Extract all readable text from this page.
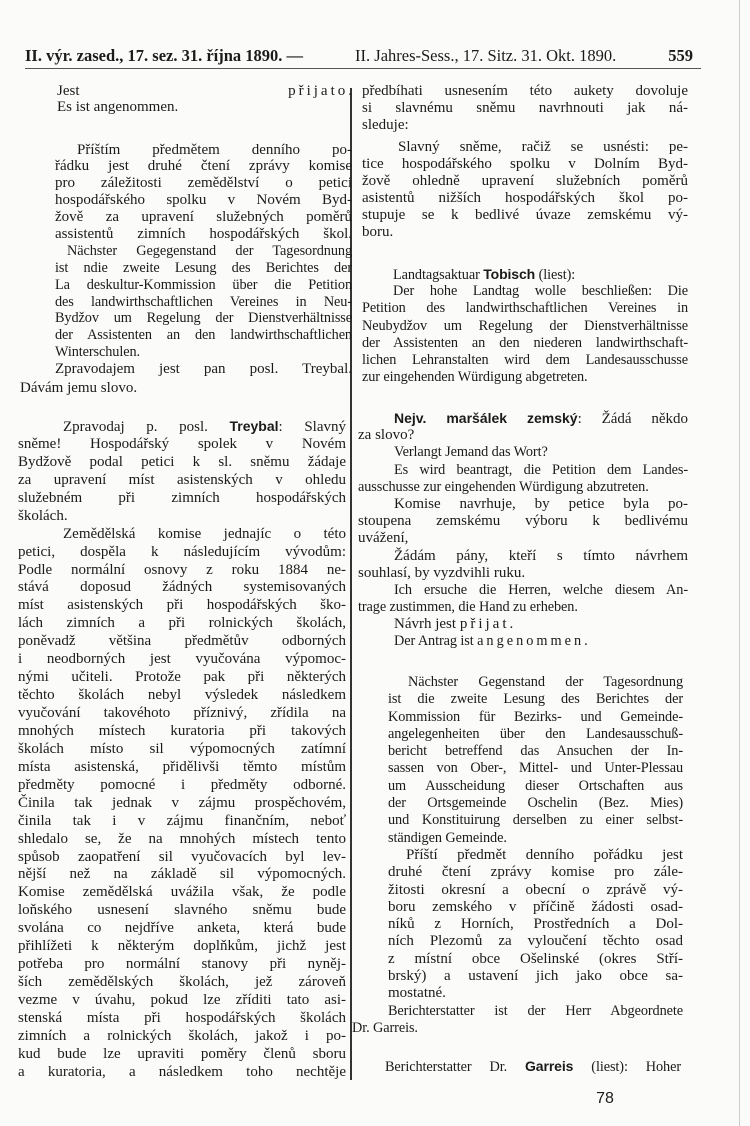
II. výr. zased., 17. sez. 31. října 1890. —	II. Jahres-Sess., 17. Sitz. 31. Okt. 1890.	559
Jest přijato.
Es ist angenommen.
Příštím předmětem denního po-
řádku jest druhé čtení zprávy komise
pro záležitosti zemědělství o petici
hospodářského spolku v Novém Byd-
žově za upravení služebných poměrů
assistentů zimních hospodářských škol.
Nächster Gegegenstand der Tagesordnung
ist ndie zweite Lesung des Berichtes der
La deskultur-Kommission über die Petition
des landwirthschaftlichen Vereines in Neu-
Bydžov um Regelung der Dienstverhältnisse
der Assistenten an den landwirthschaftlichen
Winterschulen.
Zpravodajem jest pan posl. Treybal.
Dávám jemu slovo.
Zpravodaj p. posl. Treybal: Slavný
sněme! Hospodářský spolek v Novém
Bydžově podal petici k sl. sněmu žádaje
za upravení míst asistenských v ohledu
služebném při zimních hospodářských
školách.
Zemědělská komise jednajíc o této
petici, dospěla k následujícím vývodům:
Podle normální osnovy z roku 1884 ne-
stává doposud žádných systemisovaných
míst asistenských při hospodářských ško-
lách zimních a při rolnických školách,
poněvadž většina předmětův odborných
i neodborných jest vyučována výpomoc-
nými učiteli. Protože pak při některých
těchto školách nebyl výsledek následkem
vyučování takovéhoto příznivý, zřídila na
mnohých místech kuratoria při takových
školách místo sil výpomocných zatímní
místa asistenská, přidělivši těmto místům
předměty pomocné i předměty odborné.
Činila tak jednak v zájmu prospěchovém,
činila tak i v zájmu finančním, neboť
shledalo se, že na mnohých místech tento
spůsob zaopatření sil vyučovacích byl lev-
nější než na základě sil výpomocných.
Komise zemědělská uvážila však, že podle
loňského usnesení slavného sněmu bude
svolána co nejdříve anketa, která bude
přihlížeti k některým doplňkům, jichž jest
potřeba pro normální stanovy při nyněj-
ších zemědělských školách, jež zároveň
vezme v úvahu, pokud lze zříditi tato asi-
stenská místa při hospodářských školách
zimních a rolnických školách, jakož i po-
kud bude lze upraviti poměry členů sboru
a kuratoria, a následkem toho nechtěje
předbíhati usnesením této aukety dovoluje
si slavnému sněmu navrhnouti jak ná-
sleduje:
Slavný sněme, račiž se usnésti: pe-
tice hospodářského spolku v Dolním Byd-
žově ohledně upravení služebních poměrů
asistentů nižších hospodářských škol po-
stupuje se k bedlivé úvaze zemskému vý-
boru.
Landtagsaktuar Tobisch (liest):
Der hohe Landtag wolle beschließen: Die
Petition des landwirthschaftlichen Vereines in
Neubydžov um Regelung der Dienstverhältnisse
der Assistenten an den niederen landwirthschaft-
lichen Lehranstalten wird dem Landesausschusse
zur eingehenden Würdigung abgetreten.
Nejv. maršálek zemský: Žádá někdo
za slovo?
Verlangt Jemand das Wort?
Es wird beantragt, die Petition dem Landes-
ausschusse zur eingehenden Würdigung abzutreten.
Komise navrhuje, by petice byla po-
stoupena zemskému výboru k bedlivému
uvážení,
Žádám pány, kteří s tímto návrhem
souhlasí, by vyzdvihli ruku.
Ich ersuche die Herren, welche diesem An-
trage zustimmen, die Hand zu erheben.
Návrh jest přijat.
Der Antrag ist angenommen.
Nächster Gegenstand der Tagesordnung
ist die zweite Lesung des Berichtes der
Kommission für Bezirks- und Gemeinde-
angelegenheiten über den Landesausschuß-
bericht betreffend das Ansuchen der In-
sassen von Ober-, Mittel- und Unter-Plessau
um Ausscheidung dieser Ortschaften aus
der Ortsgemeinde Oschelin (Bez. Mies)
und Konstituirung derselben zu einer selbst-
ständigen Gemeinde.
Příští předmět denního pořádku jest
druhé čtení zprávy komise pro zále-
žitosti okresní a obecní o zprávě vý-
boru zemského v příčině žádosti osad-
níků z Horních, Prostředních a Dol-
ních Plezomů za vyloučení těchto osad
z místní obce Ošelinské (okres Stří-
brský) a ustavení jich jako obce sa-
mostatné.
Berichterstatter ist der Herr Abgeordnete
Dr. Garreis.
Berichterstatter Dr. Garreis (liest): Hoher
78
